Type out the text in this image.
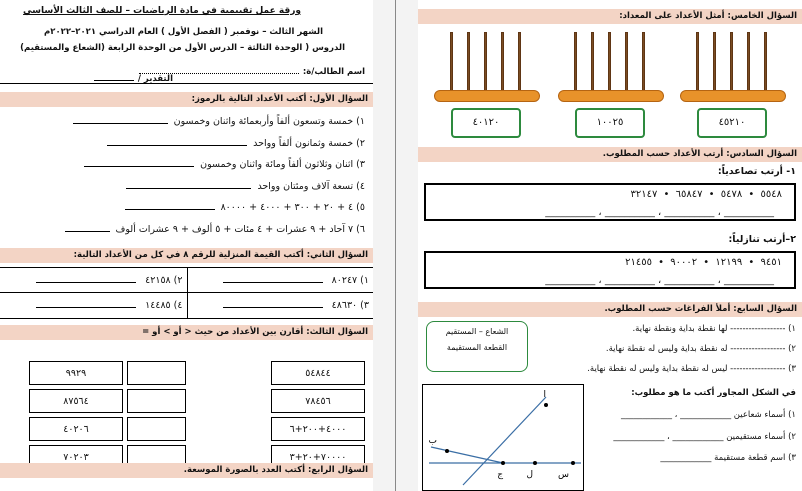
ورقة عمل تقييمية في مادة الرياضيات – للصف الثالث الأساسي
الشهر الثالث – نوفمبر ( الفصل الأول ) العام الدراسي ٢٠٢١–٢٠٢٢م
الدروس ( الوحدة الثالثة – الدرس الأول من الوحدة الرابعة (الشعاع والمستقيم)
اسم الطالب/ة:
التقدير /
السؤال الأول: أكتب الأعداد التالية بالرموز:
١) خمسة وتسعون ألفاً وأربعمائة واثنان وخمسون
٢) خمسة وثمانون ألفاً وواحد
٣) اثنان وثلاثون ألفاً ومائة واثنان وخمسون
٤) تسعة آلاف ومئتان وواحد
٥) ٤ + ٢٠ + ٣٠٠ + ٤٠٠٠ + ٨٠٠٠٠
٦) ٧ آحاد + ٩ عشرات + ٤ مئات + ٥ ألوف + ٩ عشرات ألوف
السؤال الثاني: أكتب القيمة المنزلية للرقم ٨ في كل من الأعداد التالية:
١) ٨٠٢٤٧
٢) ٤٢١٥٨
٣) ٤٨٦٣٠
٤) ١٤٤٨٥
السؤال الثالث: أقارن بين الأعداد من حيث < أو > أو =
٥٤٨٤٤
٧٨٤٥٦
٤٠٠٠+٢٠٠+٦
٧٠٠٠٠+٢٠+٣
٩٩٢٩
٨٧٥٦٤
٤٠٢٠٦
٧٠٢٠٣
السؤال الرابع: أكتب العدد بالصورة الموسعة.
السؤال الخامس: أمثل الأعداد على المعداد:
٤٥٢١٠
١٠٠٢٥
٤٠١٢٠
السؤال السادس: أرتب الأعداد حسب المطلوب.
١- أرتب تصاعدياً:
٥٥٤٨ • ٥٤٧٨ • ٦٥٨٤٧ • ٣٢١٤٧
__________ ، __________ ، __________ ، __________
٢–أرتب تنازلياً:
٩٤٥١ • ١٢١٩٩ • ٩٠٠٠٢ • ٢١٤٥٥
__________ ، __________ ، __________ ، __________
السؤال السابع: أملأ الفراغات حسب المطلوب.
١) ------------------ لها نقطة بداية ونقطة نهاية.
٢) ------------------ له نقطة بداية وليس له نقطة نهاية.
٣) ------------------ ليس له نقطة بداية وليس له نقطة نهاية.
الشعاع – المستقيم
القطعة المستقيمة
ا
ب
ج	ل	س
في الشكل المجاور أكتب ما هو مطلوب:
١) أسماء شعاعين ____________ ، ____________
٢) أسماء مستقيمين ____________ ، ____________
٣) اسم قطعة مستقيمة ____________
